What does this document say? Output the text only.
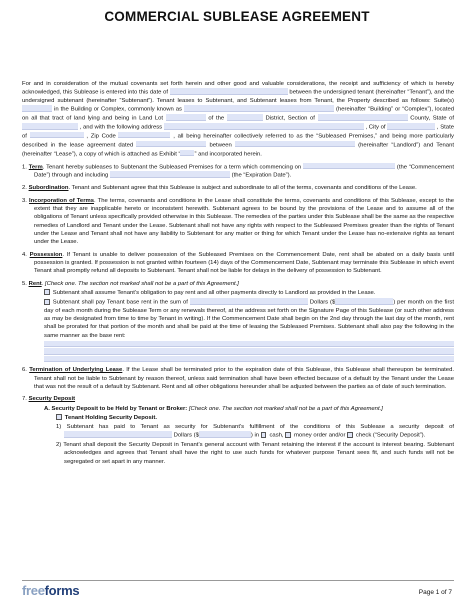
COMMERCIAL SUBLEASE AGREEMENT
For and in consideration of the mutual covenants set forth herein and other good and valuable considerations, the receipt and sufficiency of which is hereby acknowledged, this Sublease is entered into this date of	between the undersigned tenant (hereinafter “Tenant”), and the undersigned subtenant (hereinafter “Subtenant”). Tenant leases to Subtenant, and Subtenant leases from Tenant, the Property described as follows: Suite(s)  in the Building or Complex, commonly known as	(hereinafter “Building” or “Complex”), located on all that tract of land lying and being in Land Lot	of the	District, Section of	County, State of  , and with the following address	, City of	, State of	, Zip Code	, all being hereinafter collectively referred to as the “Subleased Premises,” and being more particularly described in the lease agreement dated	between	(hereinafter “Landlord”) and Tenant (hereinafter “Lease”), a copy of which is attached as Exhibit “ ” and incorporated herein.
1. Term. Tenant hereby subleases to Subtenant the Subleased Premises for a term which commencing on	(the “Commencement Date”) through and including	(the “Expiration Date”).
2. Subordination. Tenant and Subtenant agree that this Sublease is subject and subordinate to all of the terms, covenants and conditions of the Lease.
3. Incorporation of Terms. The terms, covenants and conditions in the Lease shall constitute the terms, covenants and conditions of this Sublease, except to the extent that they are inapplicable hereto or inconsistent herewith. Subtenant agrees to be bound by the provisions of the Lease and to assume all of the obligations of Tenant unless specifically provided otherwise in this Sublease. The remedies of the parties under this Sublease shall be the same as the respective remedies of Landlord and Tenant under the Lease. Subtenant shall not have any rights with respect to the Subleased Premises greater than the rights of Tenant under the Lease and Tenant shall not have any liability to Subtenant for any matter or thing for which Tenant under the Lease has no-extensive rights as tenant under the Lease.
4. Possession. If Tenant is unable to deliver possession of the Subleased Premises on the Commencement Date, rent shall be abated on a daily basis until possession is granted. If possession is not granted within fourteen (14) days of the Commencement Date, Subtenant may terminate this Sublease in which event Tenant shall promptly refund all deposits to Subtenant. Tenant shall not be liable for delays in the delivery of possession to Subtenant.
5. Rent. [Check one. The section not marked shall not be a part of this Agreement.]
Subtenant shall assume Tenant’s obligation to pay rent and all other payments directly to Landlord as provided in the Lease.
Subtenant shall pay Tenant base rent in the sum of	Dollars ($	) per month on the first day of each month during the Sublease Term or any renewals thereof, at the address set forth on the Signature Page of this Sublease (or such other address as may be designated from time to time by Tenant in writing). If the Commencement Date shall begin on the 2nd day through the last day of the month, rent shall be prorated for that portion of the month and shall be paid at the time of leasing the Subleased Premises. Subtenant shall also pay the following in the same manner as the base rent:
6. Termination of Underlying Lease. If the Lease shall be terminated prior to the expiration date of this Sublease, this Sublease shall thereupon be terminated. Tenant shall not be liable to Subtenant by reason thereof, unless said termination shall have been effected because of a default by the Tenant under the Lease that was not the result of a default by Subtenant. Rent and all other obligations hereunder shall be adjusted between the parties as of date of such termination.
7. Security Deposit
A. Security Deposit to be Held by Tenant or Broker: [Check one. The section not marked shall not be a part of this Agreement.]
Tenant Holding Security Deposit.
1) Subtenant has paid to Tenant as security for Subtenant’s fulfillment of the conditions of this Sublease a security deposit of  Dollars ($	) in cash, money order and/or check (“Security Deposit”).
2) Tenant shall deposit the Security Deposit in Tenant’s general account with Tenant retaining the interest if the account is interest bearing. Subtenant acknowledges and agrees that Tenant shall have the right to use such funds for whatever purpose Tenant sees fit, and such funds will not be segregated or set apart in any manner.
freeforms	Page 1 of 7
